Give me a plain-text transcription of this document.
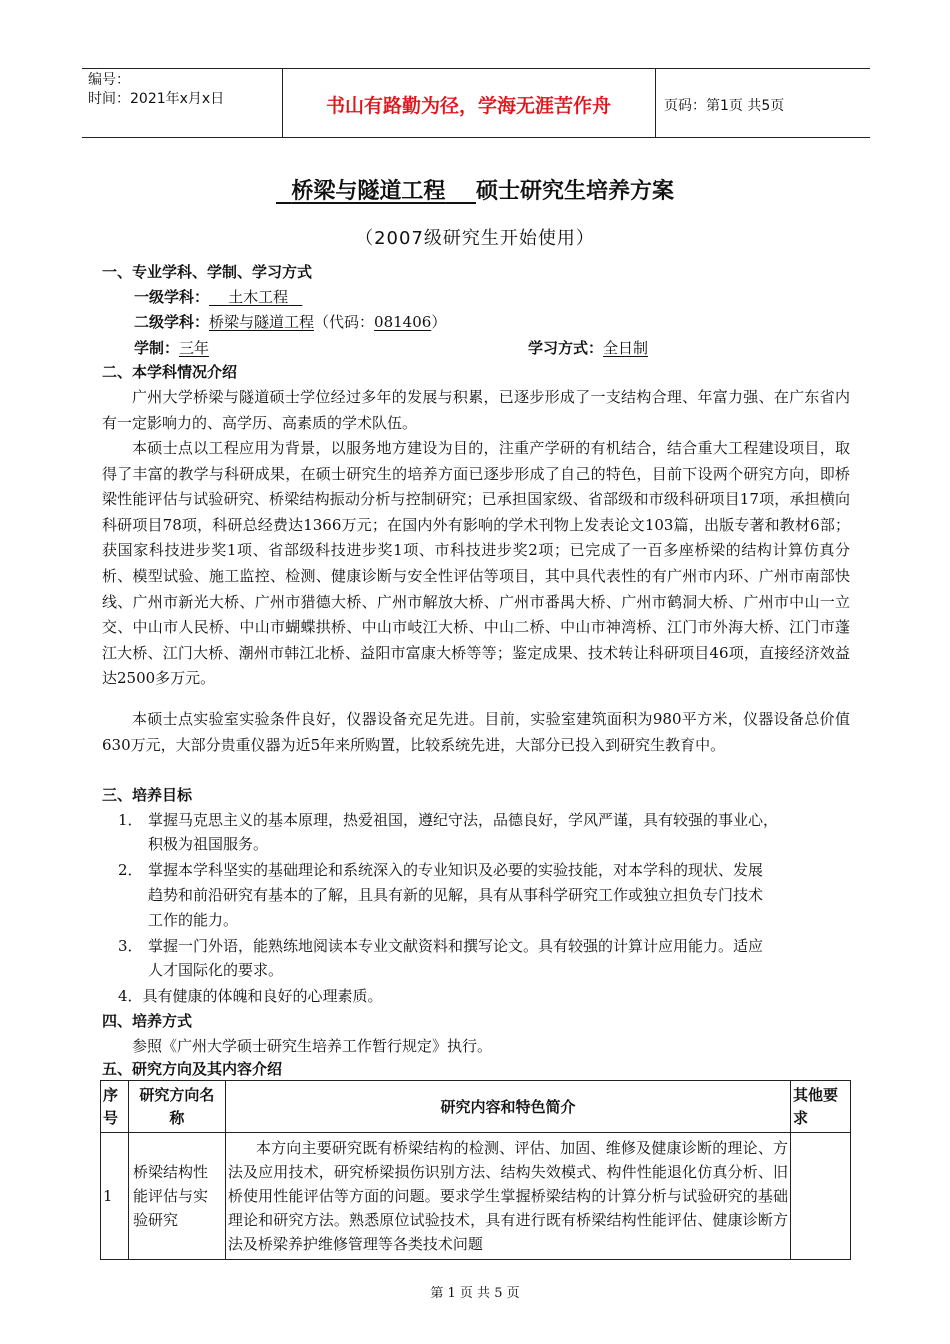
编号：
时间：2021年x月x日	书山有路勤为径，学海无涯苦作舟	页码：第1页 共5页
桥梁与隧道工程 硕士研究生培养方案
（2007级研究生开始使用）
一、专业学科、学制、学习方式
一级学科： 土木工程
二级学科：桥梁与隧道工程（代码：081406）
学制：三年	学习方式：全日制
二、本学科情况介绍
广州大学桥梁与隧道硕士学位经过多年的发展与积累，已逐步形成了一支结构合理、年富力强、在广东省内有一定影响力的、高学历、高素质的学术队伍。
本硕士点以工程应用为背景，以服务地方建设为目的，注重产学研的有机结合，结合重大工程建设项目，取得了丰富的教学与科研成果，在硕士研究生的培养方面已逐步形成了自己的特色，目前下设两个研究方向，即桥梁性能评估与试验研究、桥梁结构振动分析与控制研究；已承担国家级、省部级和市级科研项目17项，承担横向科研项目78项，科研总经费达1366万元；在国内外有影响的学术刊物上发表论文103篇，出版专著和教材6部；获国家科技进步奖1项、省部级科技进步奖1项、市科技进步奖2项；已完成了一百多座桥梁的结构计算仿真分析、模型试验、施工监控、检测、健康诊断与安全性评估等项目，其中具代表性的有广州市内环、广州市南部快线、广州市新光大桥、广州市猎德大桥、广州市解放大桥、广州市番禺大桥、广州市鹤洞大桥、广州市中山一立交、中山市人民桥、中山市蝴蝶拱桥、中山市岐江大桥、中山二桥、中山市神湾桥、江门市外海大桥、江门市蓬江大桥、江门大桥、潮州市韩江北桥、益阳市富康大桥等等；鉴定成果、技术转让科研项目46项，直接经济效益达2500多万元。
本硕士点实验室实验条件良好，仪器设备充足先进。目前，实验室建筑面积为980平方米，仪器设备总价值630万元，大部分贵重仪器为近5年来所购置，比较系统先进，大部分已投入到研究生教育中。
三、培养目标
1． 掌握马克思主义的基本原理，热爱祖国，遵纪守法，品德良好，学风严谨，具有较强的事业心，
积极为祖国服务。
2． 掌握本学科坚实的基础理论和系统深入的专业知识及必要的实验技能，对本学科的现状、发展
趋势和前沿研究有基本的了解，且具有新的见解，具有从事科学研究工作或独立担负专门技术
工作的能力。
3． 掌握一门外语，能熟练地阅读本专业文献资料和撰写论文。具有较强的计算计应用能力。适应
人才国际化的要求。
4．具有健康的体魄和良好的心理素质。
四、培养方式
参照《广州大学硕士研究生培养工作暂行规定》执行。
五、研究方向及其内容介绍
序号	研究方向名称	研究内容和特色简介	其他要求
1	桥梁结构性能评估与实验研究	本方向主要研究既有桥梁结构的检测、评估、加固、维修及健康诊断的理论、方法及应用技术，研究桥梁损伤识别方法、结构失效模式、构件性能退化仿真分析、旧桥使用性能评估等方面的问题。要求学生掌握桥梁结构的计算分析与试验研究的基础理论和研究方法。熟悉原位试验技术，具有进行既有桥梁结构性能评估、健康诊断方法及桥梁养护维修管理等各类技术问题	
第 1 页 共 5 页
